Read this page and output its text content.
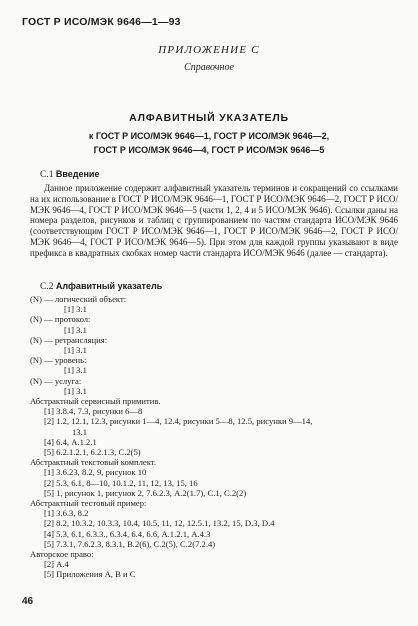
ГОСТ Р ИСО/МЭК 9646—1—93
ПРИЛОЖЕНИЕ С
Справочное
АЛФАВИТНЫЙ УКАЗАТЕЛЬ
к ГОСТ Р ИСО/МЭК 9646—1, ГОСТ Р ИСО/МЭК 9646—2,
ГОСТ Р ИСО/МЭК 9646—4, ГОСТ Р ИСО/МЭК 9646—5
С.1 Введение

Данное приложение содержит алфавитный указатель терминов и сокращений со ссылками на их использование в ГОСТ Р ИСО/МЭК 9646—1, ГОСТ Р ИСО/МЭК 9646—2, ГОСТ Р ИСО/МЭК 9646—4, ГОСТ Р ИСО/МЭК 9646—5 (части 1, 2, 4 и 5 ИСО/МЭК 9646). Ссылки даны на номера разделов, рисунков и таблиц с группированием по частям стандарта ИСО/МЭК 9646 (соответствующим ГОСТ Р ИСО/МЭК 9646—1, ГОСТ Р ИСО/МЭК 9646—2, ГОСТ Р ИСО/МЭК 9646—4, ГОСТ Р ИСО/МЭК 9646—5). При этом для каждой группы указывают в виде префикса в квадратных скобках номер части стандарта ИСО/МЭК 9646 (далее — стандарта).

С.2 Алфавитный указатель
(N) — логический объект:
[1] 3.1
(N) — протокол:
[1] 3.1
(N) — ретрансляция:
[1] 3.1
(N) — уровень:
[1] 3.1
(N) — услуга:
[1] 3.1
Абстрактный сервисный примитив.
[1] 3.8.4, 7.3, рисунки 6—8
[2] 1.2, 12.1, 12.3, рисунки 1—4, 12.4, рисунки 5—8, 12.5, рисунки 9—14,
13.1
[4] 6.4, А.1.2.1
[5] 6.2.1.2.1, 6.2.1.3, С.2(5)
Абстрактный текстовый комплект.
[1] 3.6.23, 8.2, 9, рисунок 10
[2] 5.3, 6.1, 8—10, 10.1.2, 11, 12, 13, 15, 16
[5] 1, рисунок 1, рисунок 2, 7.6.2.3, А.2(1.7), С.1, С.2(2)
Абстрактный тестовый пример:
[1] 3.6.3, 8.2
[2] 8.2, 10.3.2, 10.3.3, 10.4, 10.5, 11, 12, 12.5.1, 13.2, 15, D.3, D.4
[4] 5.3, 6.1, 6.3.3., 6.3.4, 6.4, 6.6, А.1.2.1, А.4.3
[5] 7.3.1, 7.6.2.3, 8.3.1, В.2(6), С.2(5), С.2(7.2.4)
Авторское право:
[2] А.4
[5] Приложения А, В и С
46
